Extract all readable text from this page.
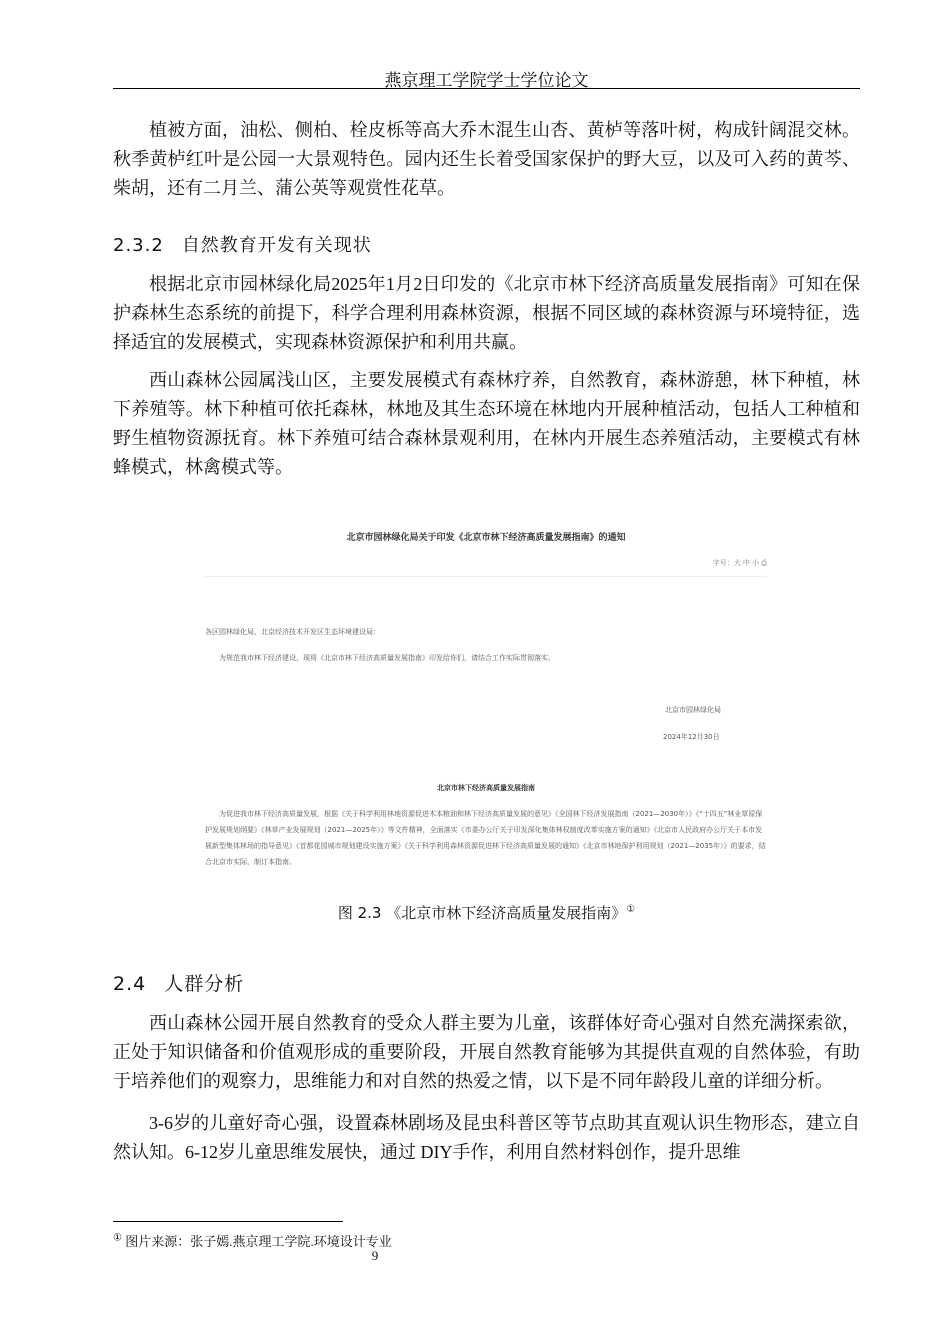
燕京理工学院学士学位论文

植被方面，油松、侧柏、栓皮栎等高大乔木混生山杏、黄栌等落叶树，构成针阔混交林。秋季黄栌红叶是公园一大景观特色。园内还生长着受国家保护的野大豆，以及可入药的黄芩、柴胡，还有二月兰、蒲公英等观赏性花草。

2.3.2 自然教育开发有关现状

根据北京市园林绿化局2025年1月2日印发的《北京市林下经济高质量发展指南》可知在保护森林生态系统的前提下，科学合理利用森林资源，根据不同区域的森林资源与环境特征，选择适宜的发展模式，实现森林资源保护和利用共赢。

西山森林公园属浅山区，主要发展模式有森林疗养，自然教育，森林游憩，林下种植，林下养殖等。林下种植可依托森林，林地及其生态环境在林地内开展种植活动，包括人工种植和野生植物资源抚育。林下养殖可结合森林景观利用，在林内开展生态养殖活动，主要模式有林蜂模式，林禽模式等。

北京市园林绿化局关于印发《北京市林下经济高质量发展指南》的通知
字号：大 中 小 ⎙
各区园林绿化局、北京经济技术开发区生态环境建设局：
为规范我市林下经济建设，现将《北京市林下经济高质量发展指南》印发给你们，请结合工作实际贯彻落实。
北京市园林绿化局
2024年12月30日
北京市林下经济高质量发展指南
为促进我市林下经济高质量发展，根据《关于科学利用林地资源促进木本粮油和林下经济高质量发展的意见》《全国林下经济发展指南（2021—2030年）》《“十四五”林业草原保护发展规划纲要》《林草产业发展规划（2021—2025年）》等文件精神，全面落实《市委办公厅关于印发深化集体林权制度改革实施方案的通知》《北京市人民政府办公厅关于本市发展新型集体林场的指导意见》《首都花园城市规划建设实施方案》《关于科学利用森林资源促进林下经济高质量发展的通知》《北京市林地保护利用规划（2021—2035年）》的要求，结合北京市实际，制订本指南。
图 2.3 《北京市林下经济高质量发展指南》①
2.4 人群分析

西山森林公园开展自然教育的受众人群主要为儿童，该群体好奇心强对自然充满探索欲，正处于知识储备和价值观形成的重要阶段，开展自然教育能够为其提供直观的自然体验，有助于培养他们的观察力，思维能力和对自然的热爱之情，以下是不同年龄段儿童的详细分析。

3-6岁的儿童好奇心强，设置森林剧场及昆虫科普区等节点助其直观认识生物形态，建立自然认知。6-12岁儿童思维发展快，通过 DIY手作，利用自然材料创作，提升思维

① 图片来源：张子嫣.燕京理工学院.环境设计专业
9
